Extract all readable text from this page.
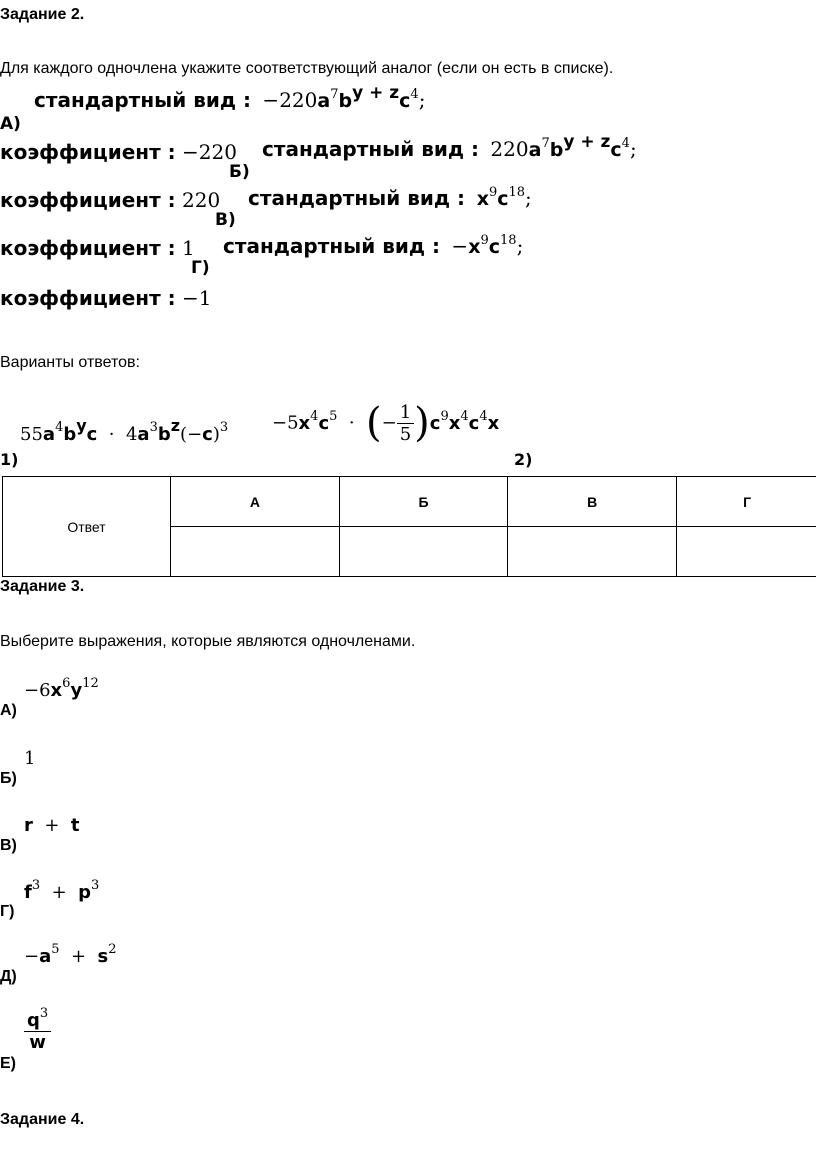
Задание 2.
Для каждого одночлена укажите соответствующий аналог (если он есть в списке).
стандартный вид :  $-220a^7b^{y + z}c^4$;
А)
коэффициент : −220 стандартный вид :  $220a^7b^{y + z}c^4$;
Б)
коэффициент : 220 стандартный вид :  $x^9c^{18}$;
В)
коэффициент : 1 стандартный вид :  $-x^9c^{18}$;
Г)
коэффициент : −1
Варианты ответов:
$55a^4b^yc \cdot 4a^3b^z(-c)^3$
1)
$-5x^4c^5$  ·  (− $\frac{1}{5} )c^9x^4c^4x$
2)
Ответ	А	Б	В	Г

Задание 3.
Выберите выражения, которые являются одночленами.
$-6x^6y^{12}$
А)
1
Б)
r  +  t
В)
$f^3 + p^3$
Г)
$-a^5 + s^2$
Д)
$\frac{q^3}{w}$
Е)
Задание 4.
